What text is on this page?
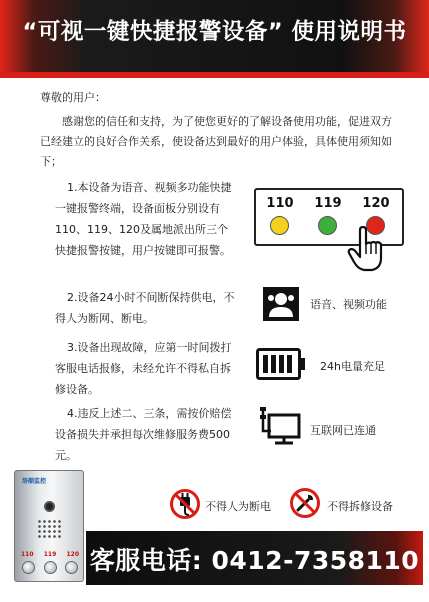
“可视一键快捷报警设备” 使用说明书
尊敬的用户：
感谢您的信任和支持，为了使您更好的了解设备使用功能，促进双方已经建立的良好合作关系，使设备达到最好的用户体验，具体使用须知如下；
1.本设备为语音、视频多功能快捷一键报警终端，设备面板分别设有110、119、120及属地派出所三个快捷报警按键，用户按键即可报警。
2.设备24小时不间断保持供电，不得人为断网、断电。
3.设备出现故障，应第一时间拨打客服电话报修，未经允许不得私自拆修设备。
4.违反上述二、三条，需按价赔偿设备损失并承担每次维修服务费500元。
110	119	120
语音、视频功能
24h电量充足
互联网已连通
洛顺监控
110 119 120
不得人为断电	不得拆修设备
客服电话: 0412-7358110
